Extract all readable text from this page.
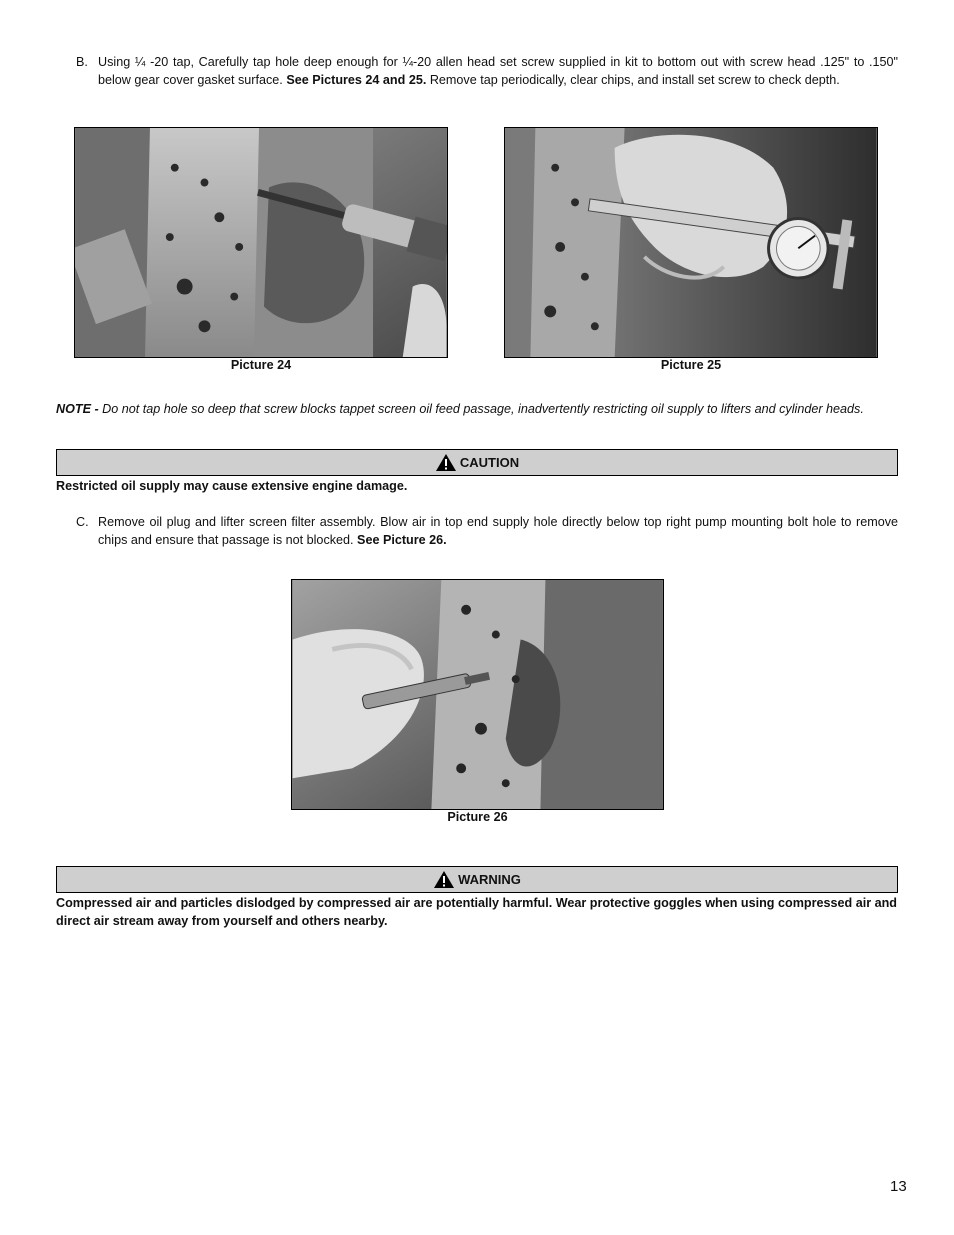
B. Using ¼ -20 tap, Carefully tap hole deep enough for ¼-20 allen head set screw supplied in kit to bottom out with screw head .125" to .150" below gear cover gasket surface. See Pictures 24 and 25. Remove tap periodically, clear chips, and install set screw to check depth.
Picture 24	Picture 25
NOTE - Do not tap hole so deep that screw blocks tappet screen oil feed passage, inadvertently restricting oil supply to lifters and cylinder heads.
CAUTION
Restricted oil supply may cause extensive engine damage.
C. Remove oil plug and lifter screen filter assembly. Blow air in top end supply hole directly below top right pump mounting bolt hole to remove chips and ensure that passage is not blocked. See Picture 26.
Picture 26
WARNING
Compressed air and particles dislodged by compressed air are potentially harmful. Wear protective goggles when using compressed air and direct air stream away from yourself and others nearby.
13
